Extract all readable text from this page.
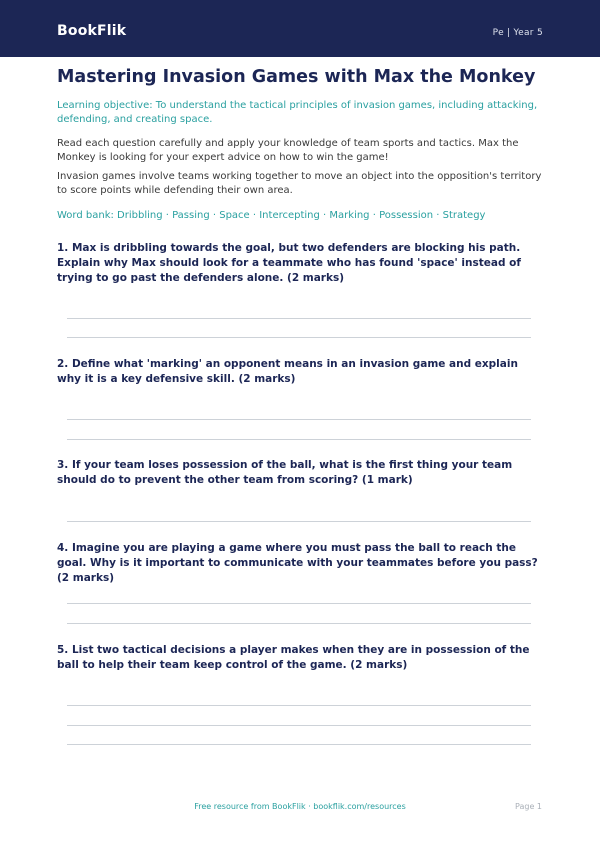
BookFlik	Pe | Year 5
Mastering Invasion Games with Max the Monkey
Learning objective: To understand the tactical principles of invasion games, including attacking, defending, and creating space.
Read each question carefully and apply your knowledge of team sports and tactics. Max the Monkey is looking for your expert advice on how to win the game!
Invasion games involve teams working together to move an object into the opposition's territory to score points while defending their own area.
Word bank: Dribbling · Passing · Space · Intercepting · Marking · Possession · Strategy
1. Max is dribbling towards the goal, but two defenders are blocking his path. Explain why Max should look for a teammate who has found 'space' instead of trying to go past the defenders alone. (2 marks)
2. Define what 'marking' an opponent means in an invasion game and explain why it is a key defensive skill. (2 marks)
3. If your team loses possession of the ball, what is the first thing your team should do to prevent the other team from scoring? (1 mark)
4. Imagine you are playing a game where you must pass the ball to reach the goal. Why is it important to communicate with your teammates before you pass? (2 marks)
5. List two tactical decisions a player makes when they are in possession of the ball to help their team keep control of the game. (2 marks)
Free resource from BookFlik · bookflik.com/resources	Page 1
